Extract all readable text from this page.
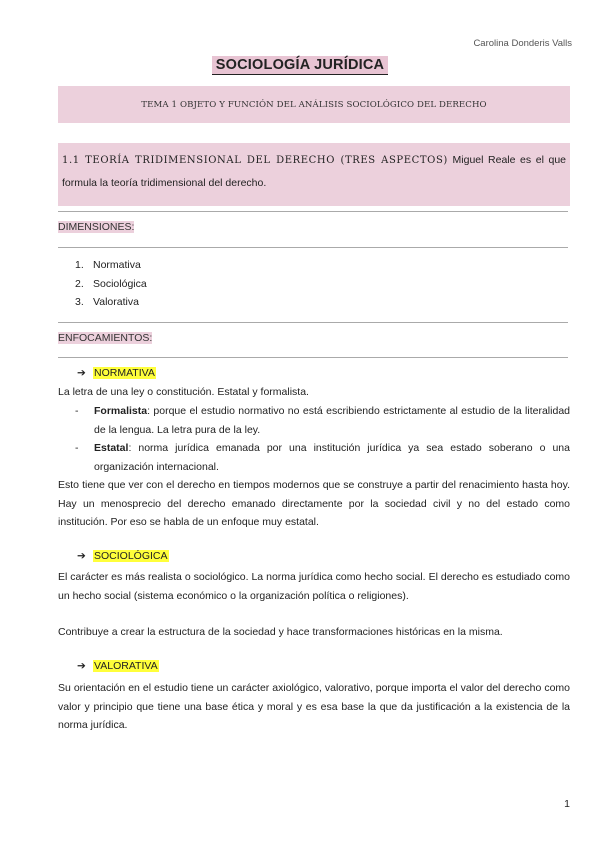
Carolina Donderis Valls
SOCIOLOGÍA JURÍDICA
TEMA 1 OBJETO Y FUNCIÓN DEL ANÁLISIS SOCIOLÓGICO DEL DERECHO
1.1 TEORÍA TRIDIMENSIONAL DEL DERECHO (TRES ASPECTOS) Miguel Reale es el que formula la teoría tridimensional del derecho.
DIMENSIONES:
1. Normativa
2. Sociológica
3. Valorativa
ENFOCAMIENTOS:
➔ NORMATIVA
La letra de una ley o constitución. Estatal y formalista.
- Formalista: porque el estudio normativo no está escribiendo estrictamente al estudio de la literalidad de la lengua. La letra pura de la ley.
- Estatal: norma jurídica emanada por una institución jurídica ya sea estado soberano o una organización internacional.
Esto tiene que ver con el derecho en tiempos modernos que se construye a partir del renacimiento hasta hoy. Hay un menosprecio del derecho emanado directamente por la sociedad civil y no del estado como institución. Por eso se habla de un enfoque muy estatal.
➔ SOCIOLÓGICA
El carácter es más realista o sociológico. La norma jurídica como hecho social. El derecho es estudiado como un hecho social (sistema económico o la organización política o religiones).
Contribuye a crear la estructura de la sociedad y hace transformaciones históricas en la misma.
➔ VALORATIVA
Su orientación en el estudio tiene un carácter axiológico, valorativo, porque importa el valor del derecho como valor y principio que tiene una base ética y moral y es esa base la que da justificación a la existencia de la norma jurídica.
1
